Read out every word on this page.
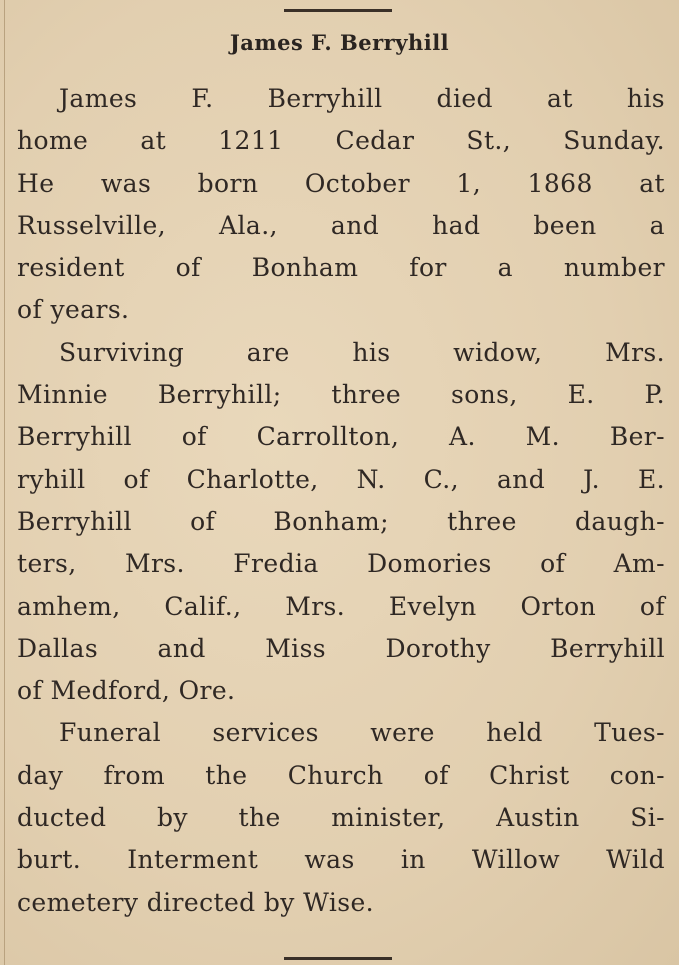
James F. Berryhill
James F. Berryhill died at his
home at 1211 Cedar St., Sunday.
He was born October 1, 1868 at
Russelville, Ala., and had been a
resident of Bonham for a number
of years.
Surviving are his widow, Mrs.
Minnie Berryhill; three sons, E. P.
Berryhill of Carrollton, A. M. Ber-
ryhill of Charlotte, N. C., and J. E.
Berryhill of Bonham; three daugh-
ters, Mrs. Fredia Domories of Am-
amhem, Calif., Mrs. Evelyn Orton of
Dallas and Miss Dorothy Berryhill
of Medford, Ore.
Funeral services were held Tues-
day from the Church of Christ con-
ducted by the minister, Austin Si-
burt. Interment was in Willow Wild
cemetery directed by Wise.
